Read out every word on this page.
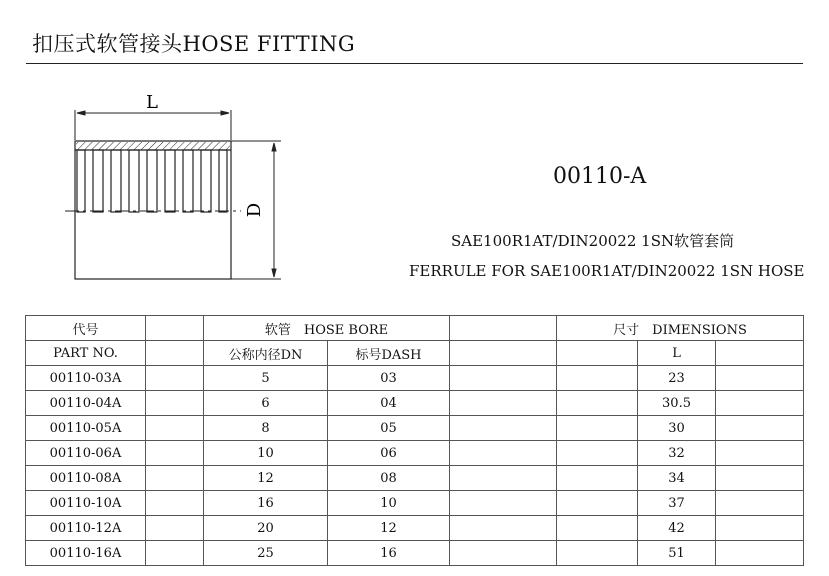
扣压式软管接头HOSE FITTING
L
D
00110-A
SAE100R1AT/DIN20022 1SN软管套筒
FERRULE FOR SAE100R1AT/DIN20022 1SN HOSE
代号		软管　HOSE BORE			尺寸　DIMENSIONS		
PART NO.		公称内径DN	标号DASH			L	
00110-03A		5	03			23	
00110-04A		6	04			30.5	
00110-05A		8	05			30	
00110-06A		10	06			32	
00110-08A		12	08			34	
00110-10A		16	10			37	
00110-12A		20	12			42	
00110-16A		25	16			51	
